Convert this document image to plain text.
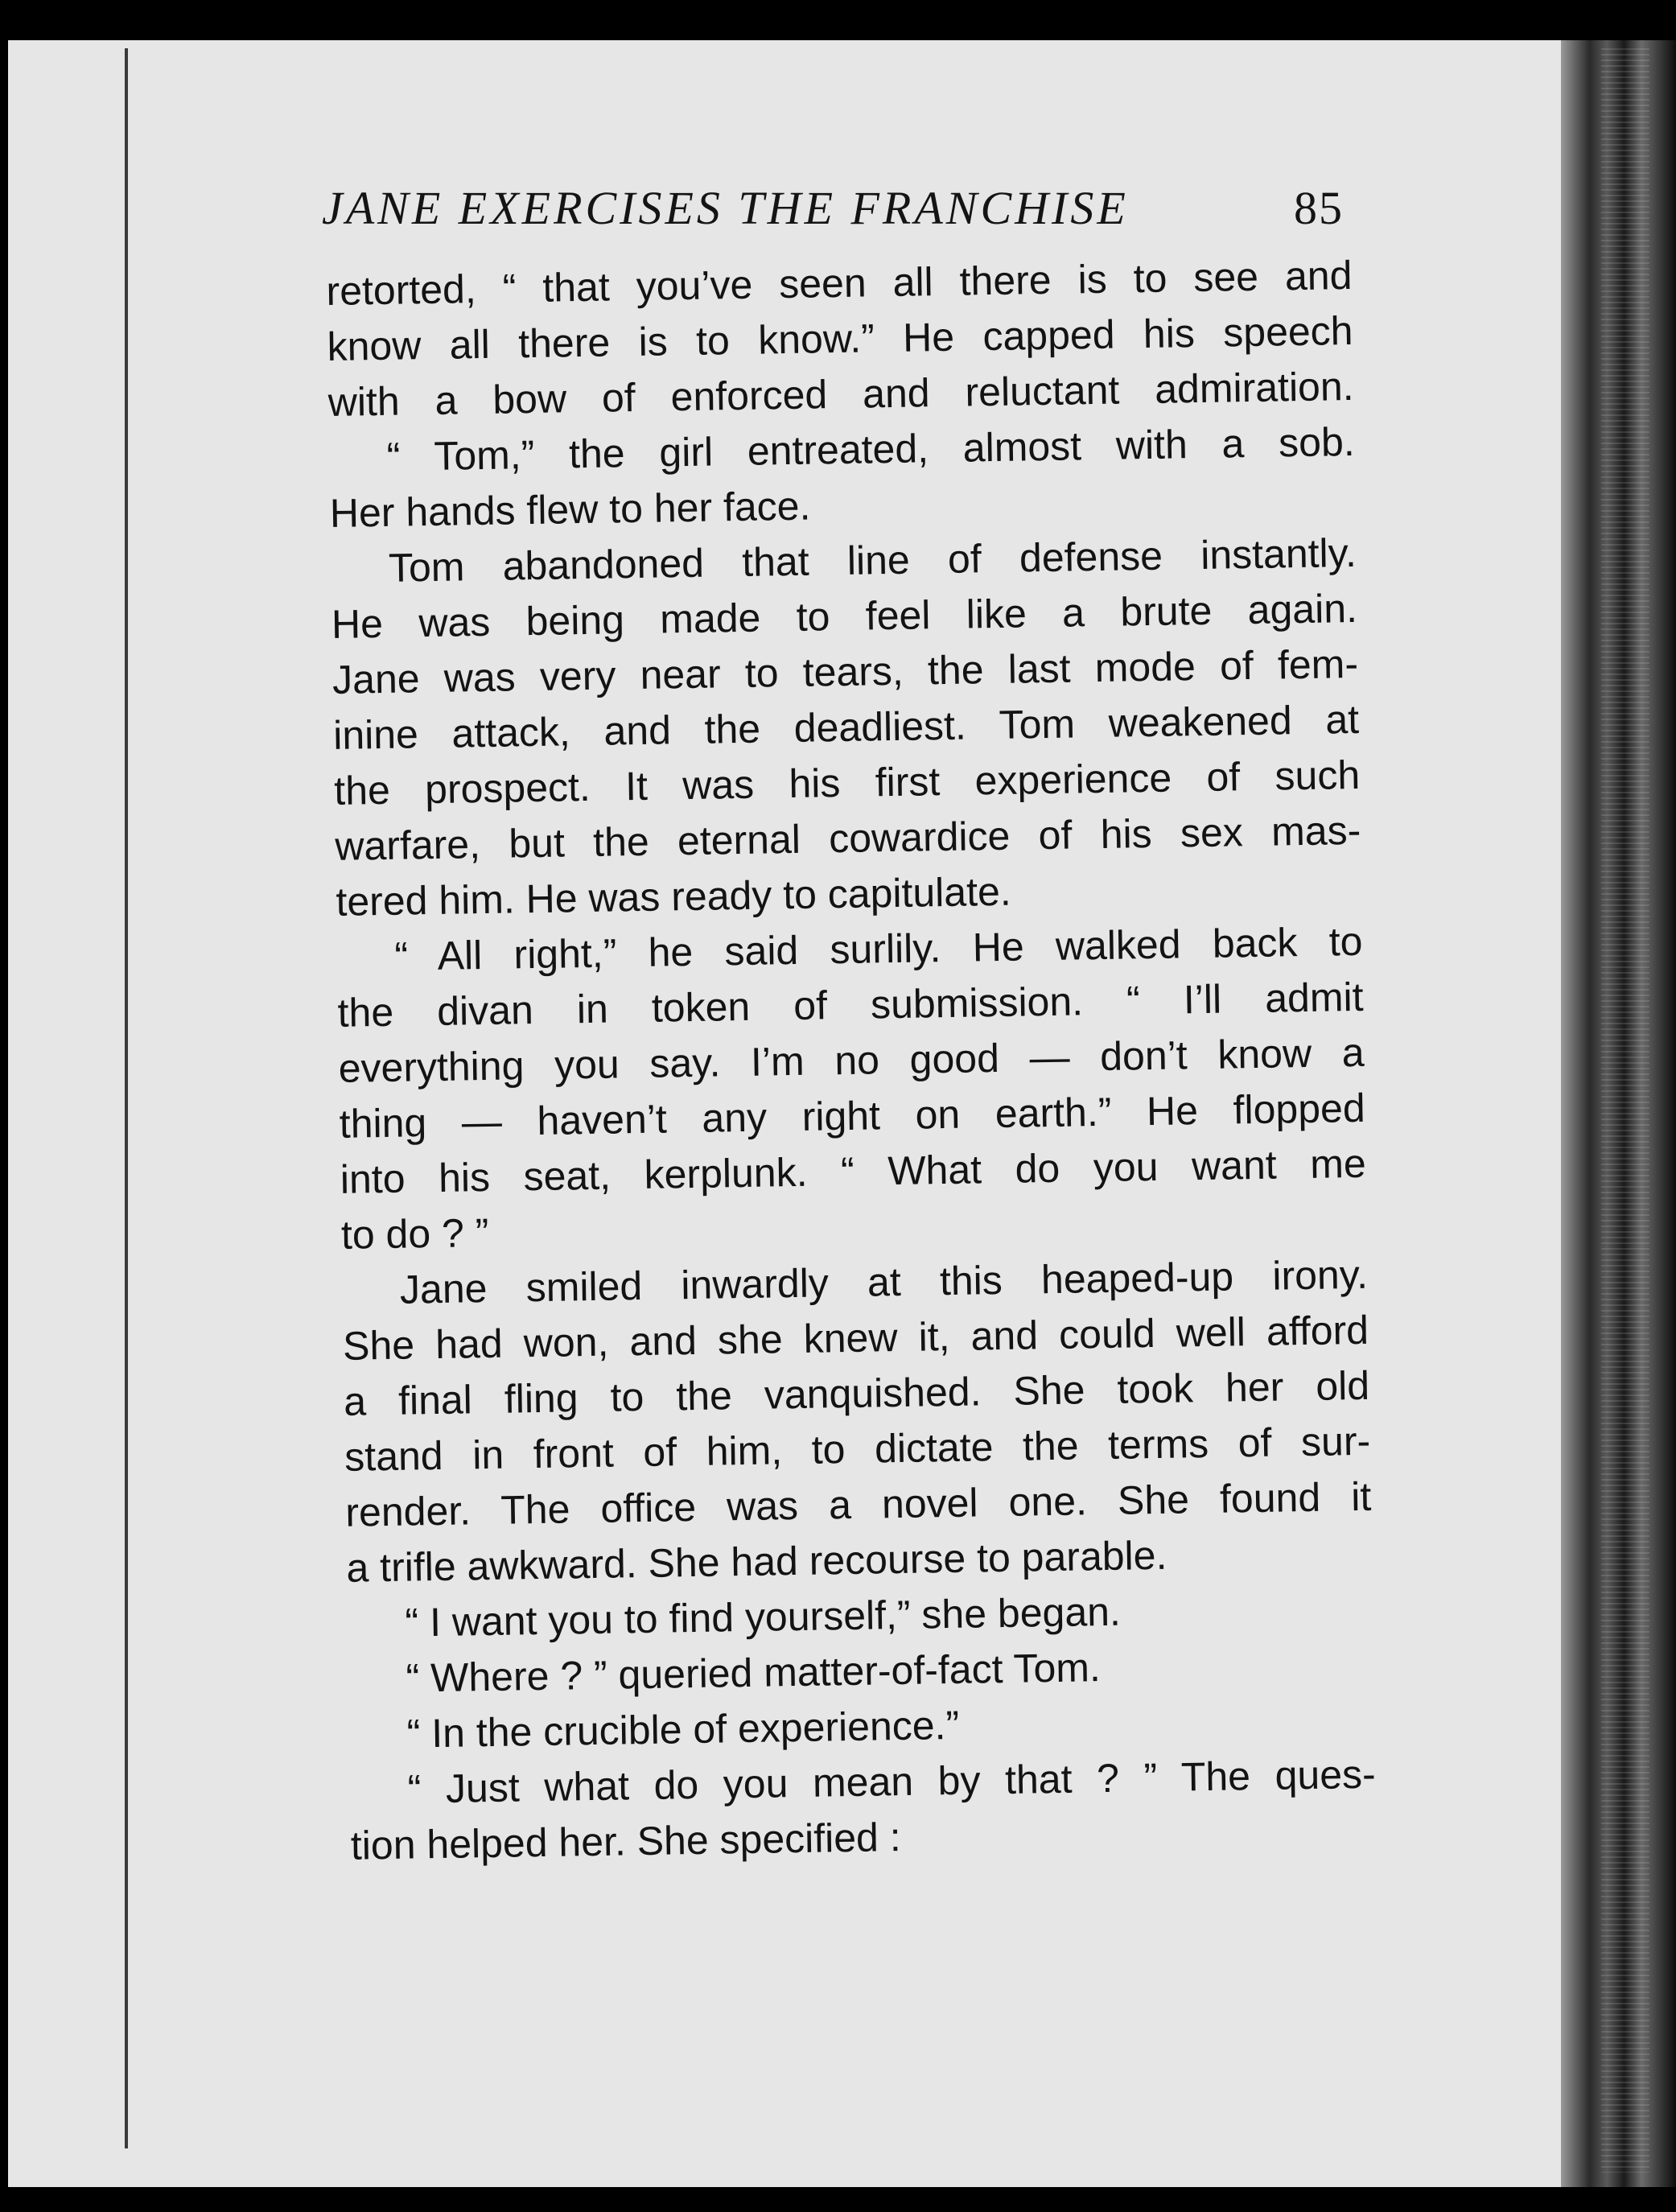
JANE EXERCISES THE FRANCHISE	85
retorted, “ that you’ve seen all there is to see and
know all there is to know.” He capped his speech
with a bow of enforced and reluctant admiration.
“ Tom,” the girl entreated, almost with a sob.
Her hands flew to her face.
Tom abandoned that line of defense instantly.
He was being made to feel like a brute again.
Jane was very near to tears, the last mode of fem-
inine attack, and the deadliest. Tom weakened at
the prospect. It was his first experience of such
warfare, but the eternal cowardice of his sex mas-
tered him. He was ready to capitulate.
“ All right,” he said surlily. He walked back to
the divan in token of submission. “ I’ll admit
everything you say. I’m no good — don’t know a
thing — haven’t any right on earth.” He flopped
into his seat, kerplunk. “ What do you want me
to do ? ”
Jane smiled inwardly at this heaped-up irony.
She had won, and she knew it, and could well afford
a final fling to the vanquished. She took her old
stand in front of him, to dictate the terms of sur-
render. The office was a novel one. She found it
a trifle awkward. She had recourse to parable.
“ I want you to find yourself,” she began.
“ Where ? ” queried matter-of-fact Tom.
“ In the crucible of experience.”
“ Just what do you mean by that ? ” The ques-
tion helped her. She specified :
